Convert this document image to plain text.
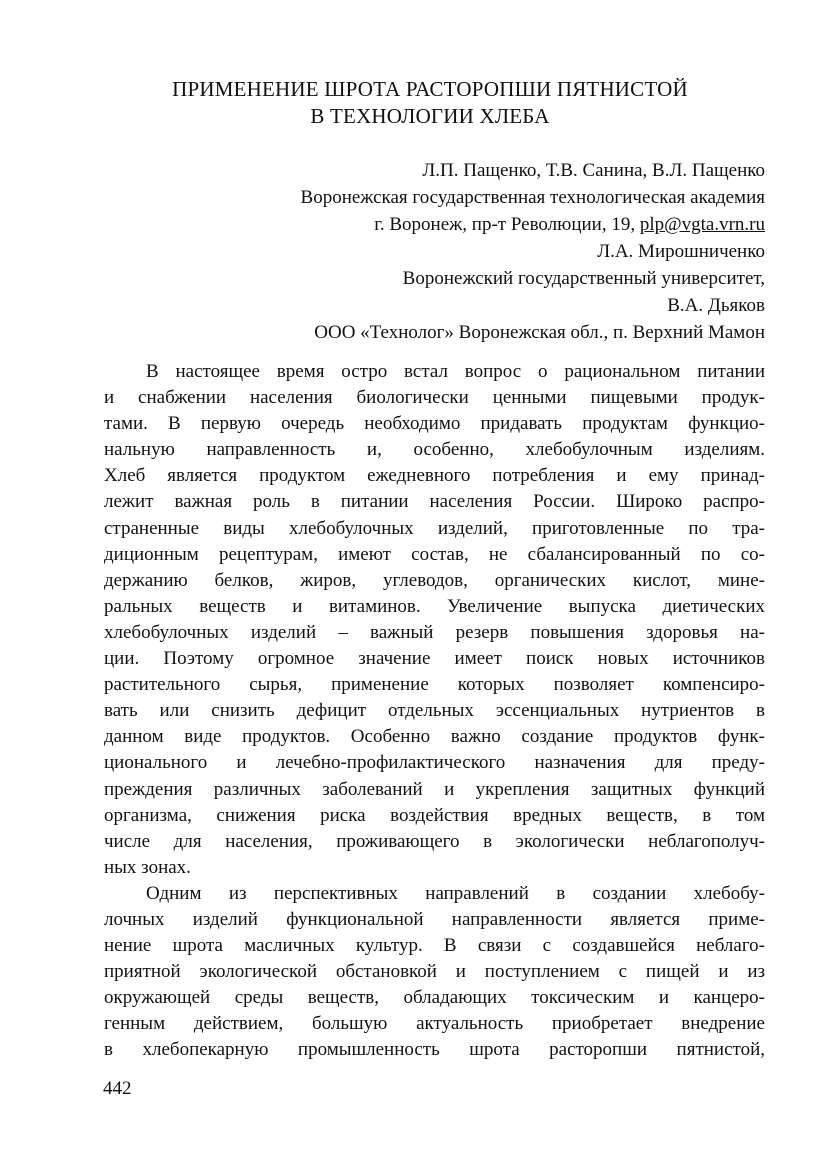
ПРИМЕНЕНИЕ ШРОТА РАСТОРОПШИ ПЯТНИСТОЙ
В ТЕХНОЛОГИИ ХЛЕБА
Л.П. Пащенко, Т.В. Санина, В.Л. Пащенко
Воронежская государственная технологическая академия
г. Воронеж, пр-т Революции, 19, plp@vgta.vrn.ru
Л.А. Мирошниченко
Воронежский государственный университет,
В.А. Дьяков
ООО «Технолог» Воронежская обл., п. Верхний Мамон
В настоящее время остро встал вопрос о рациональном питании
и снабжении населения биологически ценными пищевыми продук-
тами. В первую очередь необходимо придавать продуктам функцио-
нальную направленность и, особенно, хлебобулочным изделиям.
Хлеб является продуктом ежедневного потребления и ему принад-
лежит важная роль в питании населения России. Широко распро-
страненные виды хлебобулочных изделий, приготовленные по тра-
диционным рецептурам, имеют состав, не сбалансированный по со-
держанию белков, жиров, углеводов, органических кислот, мине-
ральных веществ и витаминов. Увеличение выпуска диетических
хлебобулочных изделий – важный резерв повышения здоровья на-
ции. Поэтому огромное значение имеет поиск новых источников
растительного сырья, применение которых позволяет компенсиро-
вать или снизить дефицит отдельных эссенциальных нутриентов в
данном виде продуктов. Особенно важно создание продуктов функ-
ционального и лечебно-профилактического назначения для преду-
преждения различных заболеваний и укрепления защитных функций
организма, снижения риска воздействия вредных веществ, в том
числе для населения, проживающего в экологически неблагополуч-
ных зонах.
Одним из перспективных направлений в создании хлебобу-
лочных изделий функциональной направленности является приме-
нение шрота масличных культур. В связи с создавшейся неблаго-
приятной экологической обстановкой и поступлением с пищей и из
окружающей среды веществ, обладающих токсическим и канцеро-
генным действием, большую актуальность приобретает внедрение
в хлебопекарную промышленность шрота расторопши пятнистой,
442
